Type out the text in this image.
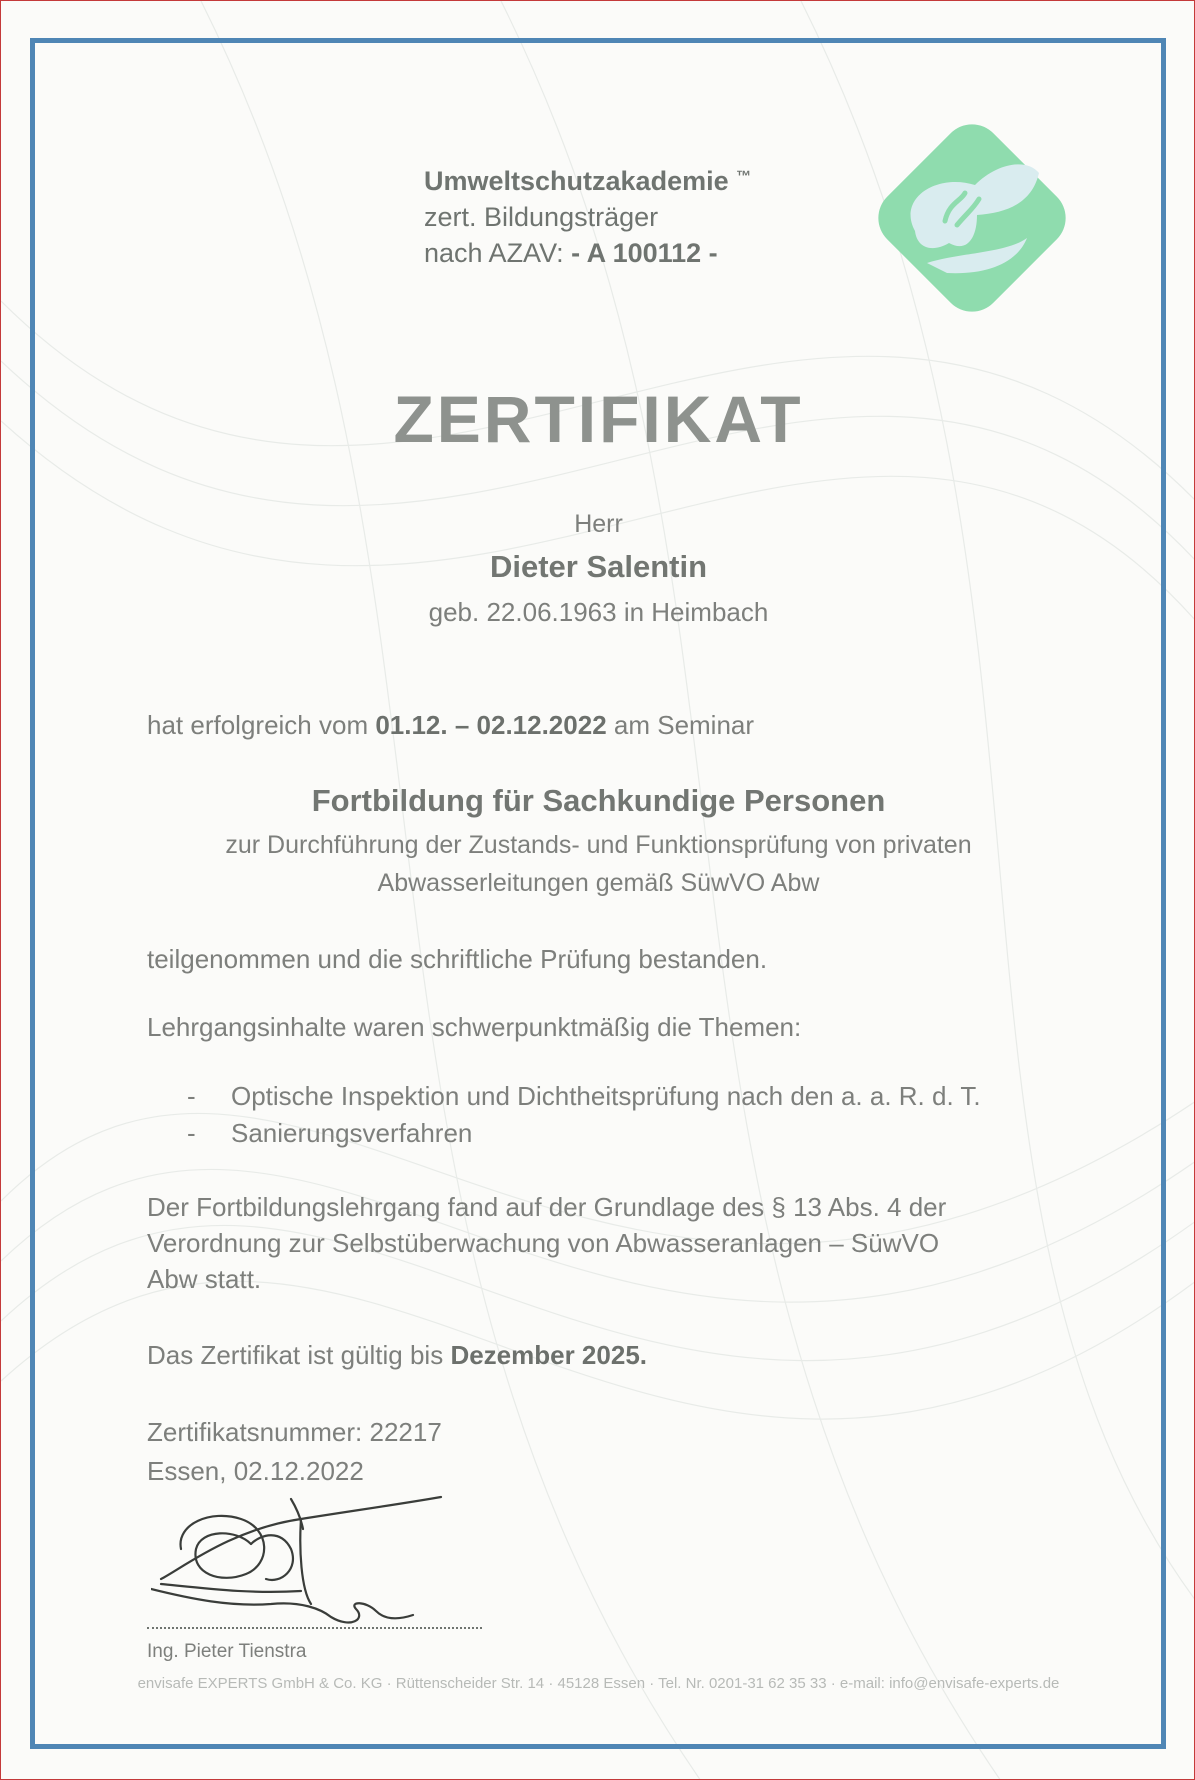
Umweltschutzakademie ™
zert. Bildungsträger
nach AZAV: - A 100112 -
ZERTIFIKAT
Herr
Dieter Salentin
geb. 22.06.1963 in Heimbach
hat erfolgreich vom 01.12. – 02.12.2022 am Seminar
Fortbildung für Sachkundige Personen
zur Durchführung der Zustands- und Funktionsprüfung von privaten
Abwasserleitungen gemäß SüwVO Abw
teilgenommen und die schriftliche Prüfung bestanden.
Lehrgangsinhalte waren schwerpunktmäßig die Themen:
- Optische Inspektion und Dichtheitsprüfung nach den a. a. R. d. T.
- Sanierungsverfahren
Der Fortbildungslehrgang fand auf der Grundlage des § 13 Abs. 4 der
Verordnung zur Selbstüberwachung von Abwasseranlagen – SüwVO
Abw statt.
Das Zertifikat ist gültig bis Dezember 2025.
Zertifikatsnummer: 22217
Essen, 02.12.2022
Ing. Pieter Tienstra
envisafe EXPERTS GmbH & Co. KG · Rüttenscheider Str. 14 · 45128 Essen · Tel. Nr. 0201-31 62 35 33 · e-mail: info@envisafe-experts.de
